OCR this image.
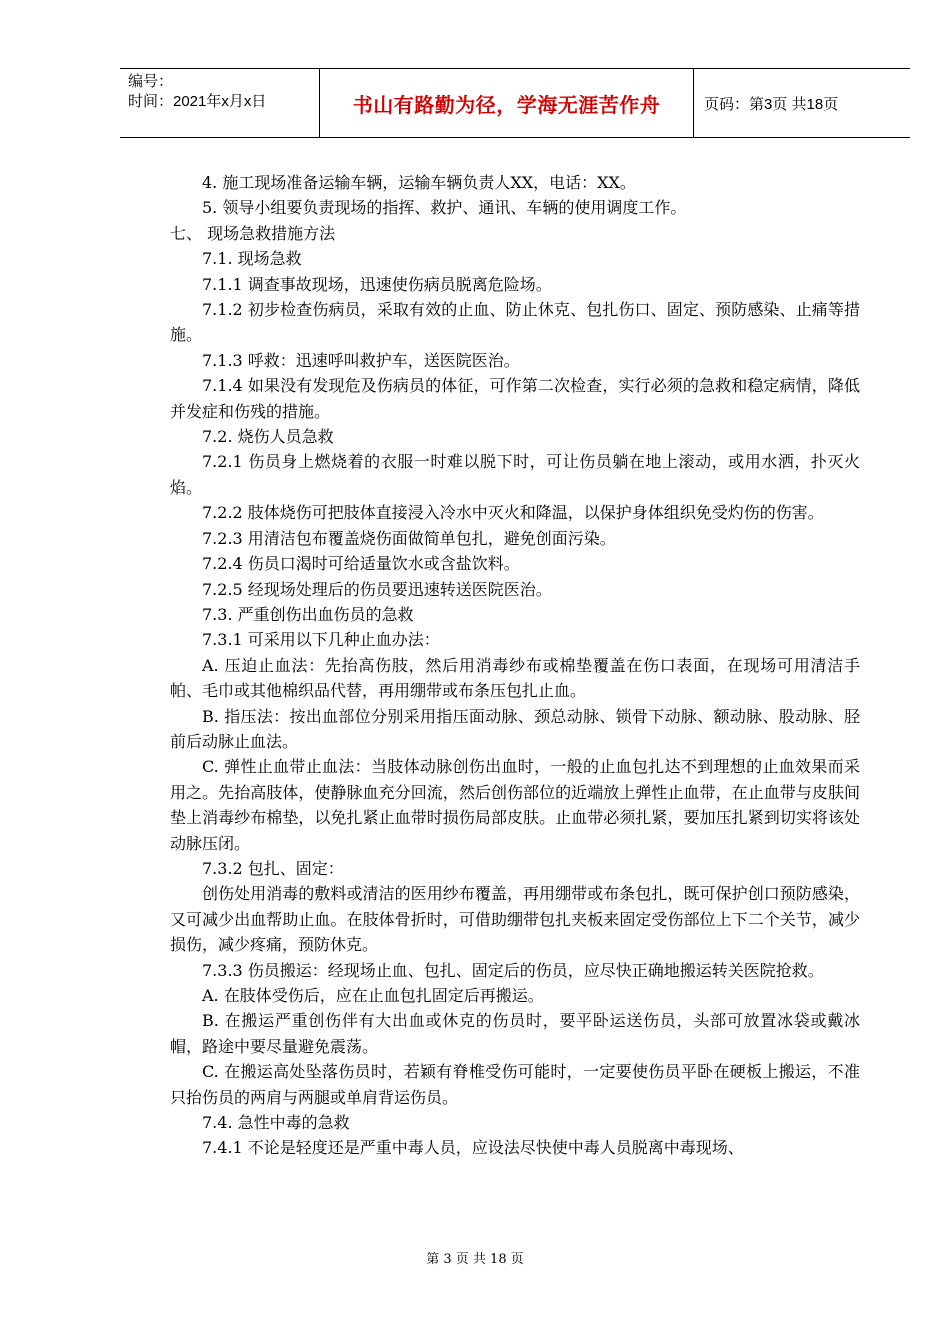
编号：
时间：2021年x月x日	书山有路勤为径，学海无涯苦作舟	页码：第3页 共18页

4. 施工现场准备运输车辆，运输车辆负责人XX，电话：XX。

5. 领导小组要负责现场的指挥、救护、通讯、车辆的使用调度工作。

七、 现场急救措施方法

7.1. 现场急救

7.1.1 调查事故现场，迅速使伤病员脱离危险场。

7.1.2 初步检查伤病员，采取有效的止血、防止休克、包扎伤口、固定、预防感染、止痛等措施。

7.1.3 呼救：迅速呼叫救护车，送医院医治。

7.1.4 如果没有发现危及伤病员的体征，可作第二次检查，实行必须的急救和稳定病情，降低并发症和伤残的措施。

7.2. 烧伤人员急救

7.2.1 伤员身上燃烧着的衣服一时难以脱下时，可让伤员躺在地上滚动，或用水洒，扑灭火焰。

7.2.2 肢体烧伤可把肢体直接浸入冷水中灭火和降温，以保护身体组织免受灼伤的伤害。

7.2.3 用清洁包布覆盖烧伤面做简单包扎，避免创面污染。

7.2.4 伤员口渴时可给适量饮水或含盐饮料。

7.2.5 经现场处理后的伤员要迅速转送医院医治。

7.3. 严重创伤出血伤员的急救

7.3.1 可采用以下几种止血办法：

A. 压迫止血法：先抬高伤肢，然后用消毒纱布或棉垫覆盖在伤口表面，在现场可用清洁手帕、毛巾或其他棉织品代替，再用绷带或布条压包扎止血。

B. 指压法：按出血部位分别采用指压面动脉、颈总动脉、锁骨下动脉、额动脉、股动脉、胫前后动脉止血法。

C. 弹性止血带止血法：当肢体动脉创伤出血时，一般的止血包扎达不到理想的止血效果而采用之。先抬高肢体，使静脉血充分回流，然后创伤部位的近端放上弹性止血带，在止血带与皮肤间垫上消毒纱布棉垫，以免扎紧止血带时损伤局部皮肤。止血带必须扎紧，要加压扎紧到切实将该处动脉压闭。

7.3.2 包扎、固定：

创伤处用消毒的敷料或清洁的医用纱布覆盖，再用绷带或布条包扎，既可保护创口预防感染，又可减少出血帮助止血。在肢体骨折时，可借助绷带包扎夹板来固定受伤部位上下二个关节，减少损伤，减少疼痛，预防休克。

7.3.3 伤员搬运：经现场止血、包扎、固定后的伤员，应尽快正确地搬运转关医院抢救。

A. 在肢体受伤后，应在止血包扎固定后再搬运。

B. 在搬运严重创伤伴有大出血或休克的伤员时，要平卧运送伤员，头部可放置冰袋或戴冰帽，路途中要尽量避免震荡。

C. 在搬运高处坠落伤员时，若颖有脊椎受伤可能时，一定要使伤员平卧在硬板上搬运，不准只抬伤员的两肩与两腿或单肩背运伤员。

7.4. 急性中毒的急救

7.4.1 不论是轻度还是严重中毒人员，应设法尽快使中毒人员脱离中毒现场、

第 3 页 共 18 页
